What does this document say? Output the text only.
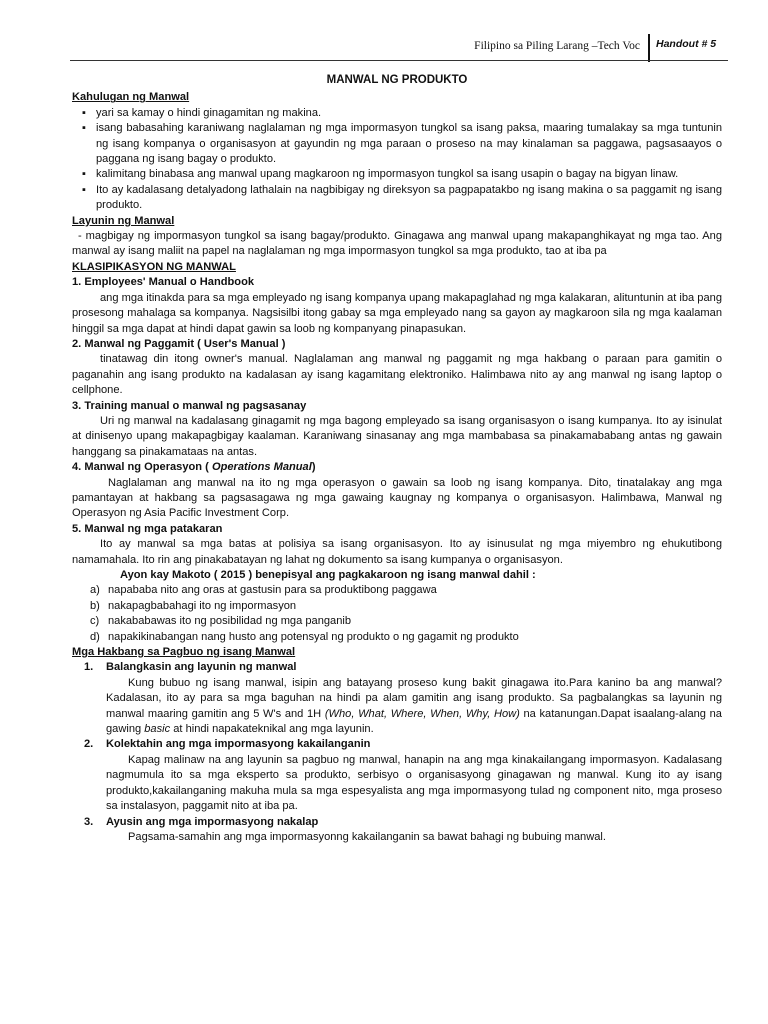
Filipino sa Piling Larang –Tech Voc Handout # 5
MANWAL NG PRODUKTO
Kahulugan ng Manwal
▪ yari sa kamay o hindi ginagamitan ng makina.
▪ isang babasahing karaniwang naglalaman ng mga impormasyon tungkol sa isang paksa, maaring tumalakay sa mga tuntunin ng isang kompanya o organisasyon at gayundin ng mga paraan o proseso na may kinalaman sa paggawa, pagsasaayos o paggana ng isang bagay o produkto.
▪ kalimitang binabasa ang manwal upang magkaroon ng impormasyon tungkol sa isang usapin o bagay na bigyan linaw.
▪ Ito ay kadalasang detalyadong lathalain na nagbibigay ng direksyon sa pagpapatakbo ng isang makina o sa paggamit ng isang produkto.
Layunin ng Manwal
- magbigay ng impormasyon tungkol sa isang bagay/produkto. Ginagawa ang manwal upang makapanghikayat ng mga tao. Ang manwal ay isang maliit na papel na naglalaman ng mga impormasyon tungkol sa mga produkto, tao at iba pa
KLASIPIKASYON NG MANWAL
1. Employees' Manual o Handbook
ang mga itinakda para sa mga empleyado ng isang kompanya upang makapaglahad ng mga kalakaran, alituntunin at iba pang prosesong mahalaga sa kompanya. Nagsisilbi itong gabay sa mga empleyado nang sa gayon ay magkaroon sila ng mga kaalaman hinggil sa mga dapat at hindi dapat gawin sa loob ng kompanyang pinapasukan.
2. Manwal ng Paggamit ( User's Manual )
tinatawag din itong owner's manual. Naglalaman ang manwal ng paggamit ng mga hakbang o paraan para gamitin o paganahin ang isang produkto na kadalasan ay isang kagamitang elektroniko. Halimbawa nito ay ang manwal ng isang laptop o cellphone.
3. Training manual o manwal ng pagsasanay
Uri ng manwal na kadalasang ginagamit ng mga bagong empleyado sa isang organisasyon o isang kumpanya. Ito ay isinulat at dinisenyo upang makapagbigay kaalaman. Karaniwang sinasanay ang mga mambabasa sa pinakamababang antas ng gawain hanggang sa pinakamataas na antas.
4. Manwal ng Operasyon ( Operations Manual)
Naglalaman ang manwal na ito ng mga operasyon o gawain sa loob ng isang kompanya. Dito, tinatalakay ang mga pamantayan at hakbang sa pagsasagawa ng mga gawaing kaugnay ng kompanya o organisasyon. Halimbawa, Manwal ng Operasyon ng Asia Pacific Investment Corp.
5. Manwal ng mga patakaran
Ito ay manwal sa mga batas at polisiya sa isang organisasyon. Ito ay isinusulat ng mga miyembro ng ehukutibong namamahala. Ito rin ang pinakabatayan ng lahat ng dokumento sa isang kumpanya o organisasyon.
Ayon kay Makoto ( 2015 ) benepisyal ang pagkakaroon ng isang manwal dahil :
a) napababa nito ang oras at gastusin para sa produktibong paggawa
b) nakapagbabahagi ito ng impormasyon
c) nakababawas ito ng posibilidad ng mga panganib
d) napakikinabangan nang husto ang potensyal ng produkto o ng gagamit ng produkto
Mga Hakbang sa Pagbuo ng isang Manwal
1. Balangkasin ang layunin ng manwal
Kung bubuo ng isang manwal, isipin ang batayang proseso kung bakit ginagawa ito.Para kanino ba ang manwal? Kadalasan, ito ay para sa mga baguhan na hindi pa alam gamitin ang isang produkto. Sa pagbalangkas sa layunin ng manwal maaring gamitin ang 5 W's and 1H (Who, What, Where, When, Why, How) na katanungan.Dapat isaalang-alang na gawing basic at hindi napakateknikal ang mga layunin.
2. Kolektahin ang mga impormasyong kakailanganin
Kapag malinaw na ang layunin sa pagbuo ng manwal, hanapin na ang mga kinakailangang impormasyon. Kadalasang nagmumula ito sa mga eksperto sa produkto, serbisyo o organisasyong ginagawan ng manwal. Kung ito ay isang produkto,kakailanganing makuha mula sa mga espesyalista ang mga impormasyong tulad ng component nito, mga proseso sa instalasyon, paggamit nito at iba pa.
3. Ayusin ang mga impormasyong nakalap
Pagsama-samahin ang mga impormasyonng kakailanganin sa bawat bahagi ng bubuing manwal.
